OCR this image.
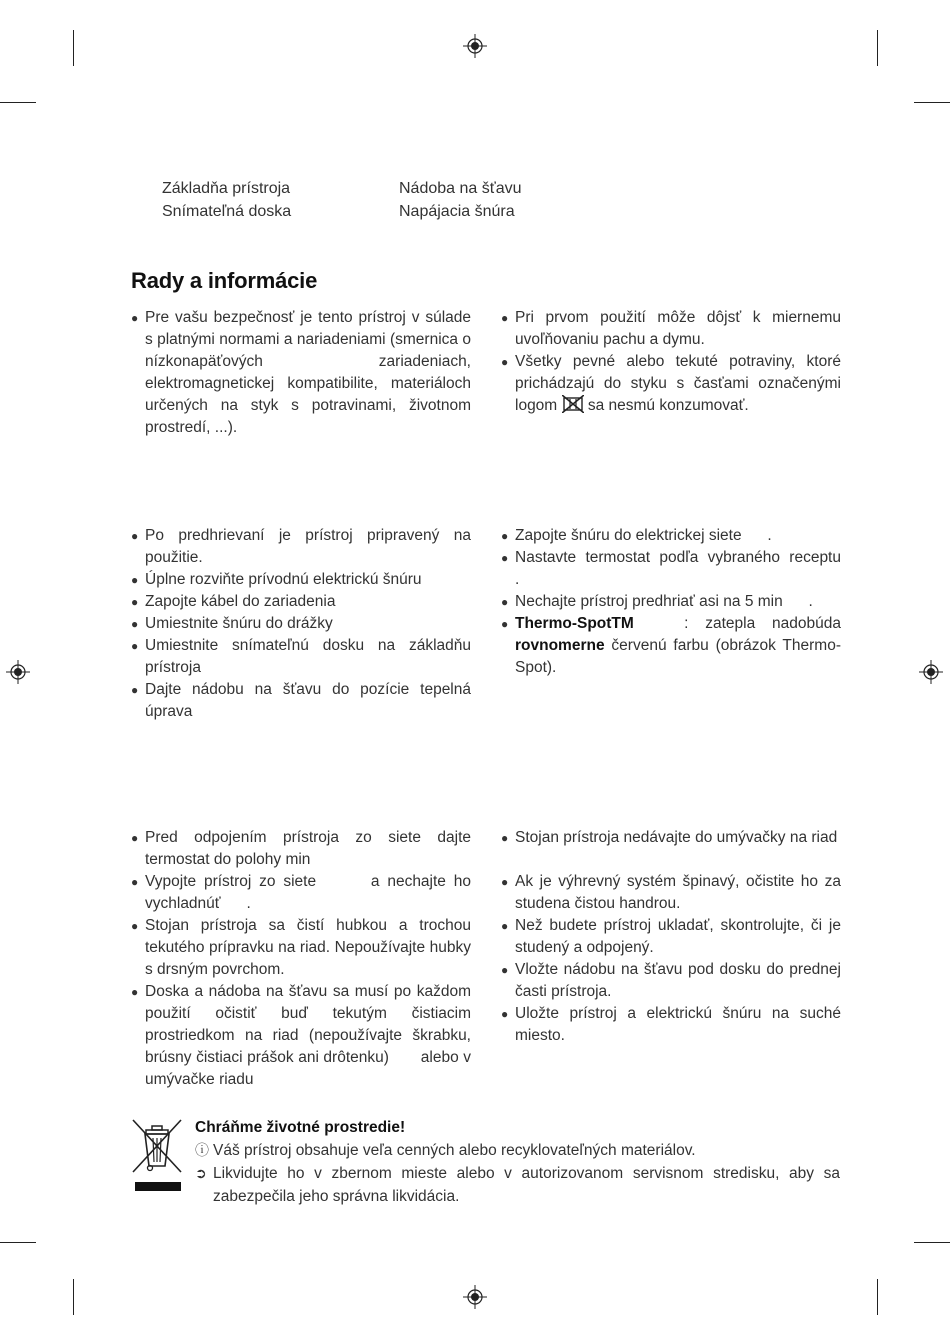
Základňa prístroja
Snímateľná doska
Nádoba na šťavu
Napájacia šnúra
Rady a informácie
● Pre vašu bezpečnosť je tento prístroj v súlade s platnými normami a nariadeniami (smernica o nízkonapäťových zariadeniach, elektromagnetickej kompatibilite, materiáloch určených na styk s potravinami, životnom prostredí, ...).
● Pri prvom použití môže dôjsť k miernemu uvoľňovaniu pachu a dymu.
● Všetky pevné alebo tekuté potraviny, ktoré prichádzajú do styku s časťami označenými logom  sa nesmú konzumovať.
● Po predhrievaní je prístroj pripravený na použitie.
● Úplne rozviňte prívodnú elektrickú šnúru
● Zapojte kábel do zariadenia
● Umiestnite šnúru do drážky
● Umiestnite snímateľnú dosku na základňu prístroja
● Dajte nádobu na šťavu do pozície tepelná úprava
● Zapojte šnúru do elektrickej siete      .
● Nastavte termostat podľa vybraného receptu      .
● Nechajte prístroj predhriať asi na 5 min      .
● Thermo-SpotTM   : zatepla nadobúda rovnomerne červenú farbu (obrázok Thermo-Spot).
● Pred odpojením prístroja zo siete dajte termostat do polohy min
● Vypojte prístroj zo siete       a nechajte ho vychladnúť      .
● Stojan prístroja sa čistí hubkou a trochou tekutého prípravku na riad. Nepoužívajte hubky s drsným povrchom.
● Doska a nádoba na šťavu sa musí po každom použití očistiť buď tekutým čistiacim prostriedkom na riad (nepoužívajte škrabku, brúsny čistiaci prášok ani drôtenku)       alebo v umývačke riadu
● Stojan prístroja nedávajte do umývačky na riad
● Ak je výhrevný systém špinavý, očistite ho za studena čistou handrou.
● Než budete prístroj ukladať, skontrolujte, či je studený a odpojený.
● Vložte nádobu na šťavu pod dosku do prednej časti prístroja.
● Uložte prístroj a elektrickú šnúru na suché miesto.
Chráňme životné prostredie!
ⓘ Váš prístroj obsahuje veľa cenných alebo recyklovateľných materiálov.
➲ Likvidujte ho v zbernom mieste alebo v autorizovanom servisnom stredisku, aby sa zabezpečila jeho správna likvidácia.
